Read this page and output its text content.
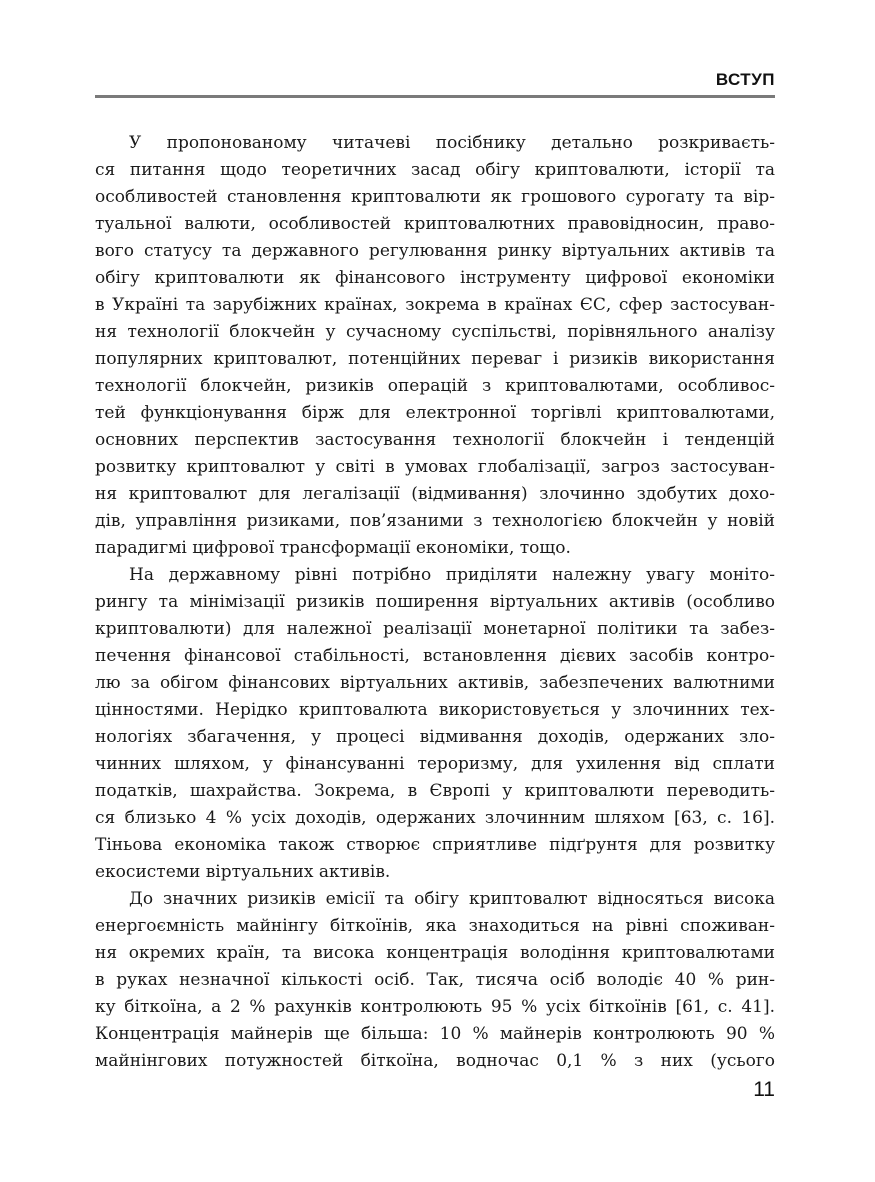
ВСТУП
У пропонованому читачеві посібнику детально розкриваєть-
ся питання щодо теоретичних засад обігу криптовалюти, історії та
особливостей становлення криптовалюти як грошового сурогату та вір-
туальної валюти, особливостей криптовалютних правовідносин, право-
вого статусу та державного регулювання ринку віртуальних активів та
обігу криптовалюти як фінансового інструменту цифрової економіки
в Україні та зарубіжних країнах, зокрема в країнах ЄС, сфер застосуван-
ня технології блокчейн у сучасному суспільстві, порівняльного аналізу
популярних криптовалют, потенційних переваг і ризиків використання
технології блокчейн, ризиків операцій з криптовалютами, особливос-
тей функціонування бірж для електронної торгівлі криптовалютами,
основних перспектив застосування технології блокчейн і тенденцій
розвитку криптовалют у світі в умовах глобалізації, загроз застосуван-
ня криптовалют для легалізації (відмивання) злочинно здобутих дохо-
дів, управління ризиками, пов’язаними з технологією блокчейн у новій
парадигмі цифрової трансформації економіки, тощо.
На державному рівні потрібно приділяти належну увагу моніто-
рингу та мінімізації ризиків поширення віртуальних активів (особливо
криптовалюти) для належної реалізації монетарної політики та забез-
печення фінансової стабільності, встановлення дієвих засобів контро-
лю за обігом фінансових віртуальних активів, забезпечених валютними
цінностями. Нерідко криптовалюта використовується у злочинних тех-
нологіях збагачення, у процесі відмивання доходів, одержаних зло-
чинних шляхом, у фінансуванні тероризму, для ухилення від сплати
податків, шахрайства. Зокрема, в Європі у криптовалюти переводить-
ся близько 4 % усіх доходів, одержаних злочинним шляхом [63, с. 16].
Тіньова економіка також створює сприятливе підґрунтя для розвитку
екосистеми віртуальних активів.
До значних ризиків емісії та обігу криптовалют відносяться висока
енергоємність майнінгу біткоїнів, яка знаходиться на рівні споживан-
ня окремих країн, та висока концентрація володіння криптовалютами
в руках незначної кількості осіб. Так, тисяча осіб володіє 40 % рин-
ку біткоїна, а 2 % рахунків контролюють 95 % усіх біткоїнів [61, с. 41].
Концентрація майнерів ще більша: 10 % майнерів контролюють 90 %
майнінгових потужностей біткоїна, водночас 0,1 % з них (усього
11
